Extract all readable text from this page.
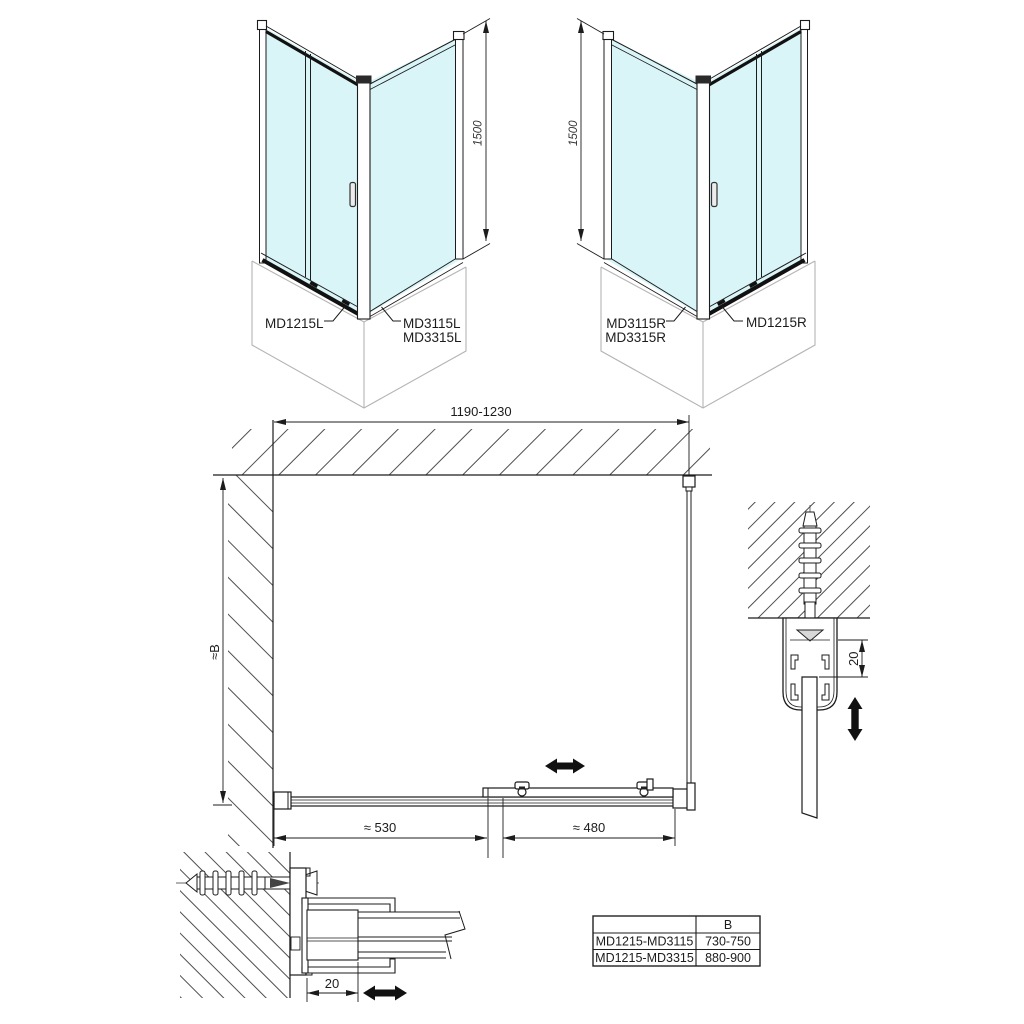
1500
MD1215L	MD3115L
MD3315L
1500
MD3115R
MD3315R
MD1215R
1190-1230
≈B
≈ 530	≈ 480
20
20
B
MD1215-MD3115 730-750
MD1215-MD3315 880-900
